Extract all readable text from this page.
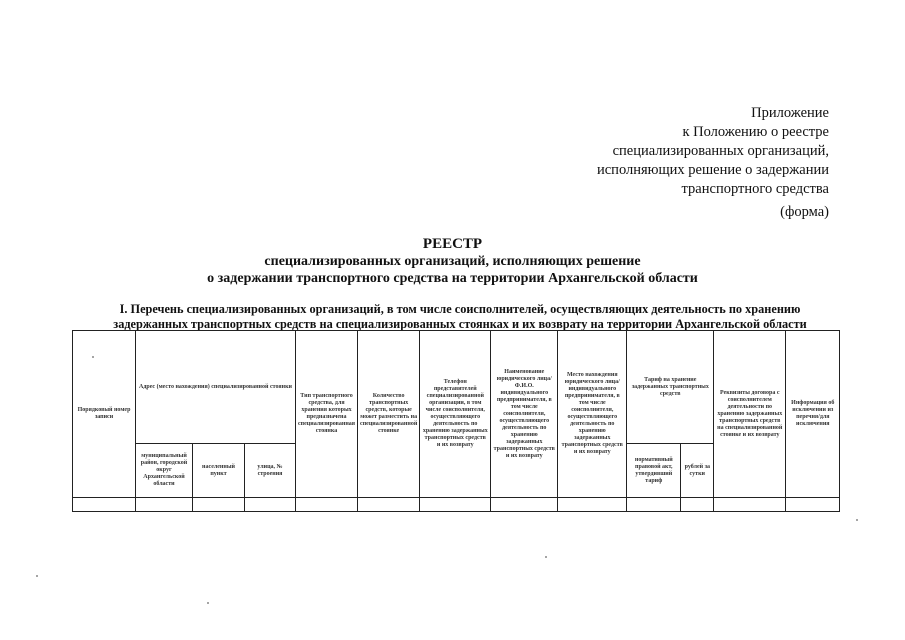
Приложение
к Положению о реестре
специализированных организаций,
исполняющих решение о задержании
транспортного средства
(форма)
РЕЕСТР
специализированных организаций, исполняющих решение
о задержании транспортного средства на территории Архангельской области
I. Перечень специализированных организаций, в том числе соисполнителей, осуществляющих деятельность по хранению
задержанных транспортных средств на специализированных стоянках и их возврату на территории Архангельской области
Порядковый номер записи	Адрес (место нахождения) специализированной стоянки			Тип транспортного средства, для хранения которых предназначена специализированная стоянка	Количество транспортных средств, которые может разместить на специализированной стоянке	Телефон представителей специализированной организации, в том числе соисполнителя, осуществляющего деятельность по хранению задержанных транспортных средств и их возврату	Наименование юридического лица/Ф.И.О. индивидуального предпринимателя, в том числе соисполнителя, осуществляющего деятельность по хранению задержанных транспортных средств и их возврату	Место нахождения юридического лица/индивидуального предпринимателя, в том числе соисполнителя, осуществляющего деятельность по хранению задержанных транспортных средств и их возврату	Тариф на хранение задержанных транспортных средств		Реквизиты договора с соисполнителем деятельности по хранению задержанных транспортных средств на специализированной стоянке и их возврату	Информация об исключении из перечня/для исключения
	муниципальный район, городской округ Архангельской области	населенный пункт	улица, № строения						нормативный правовой акт, утвердивший тариф	рублей за сутки		
